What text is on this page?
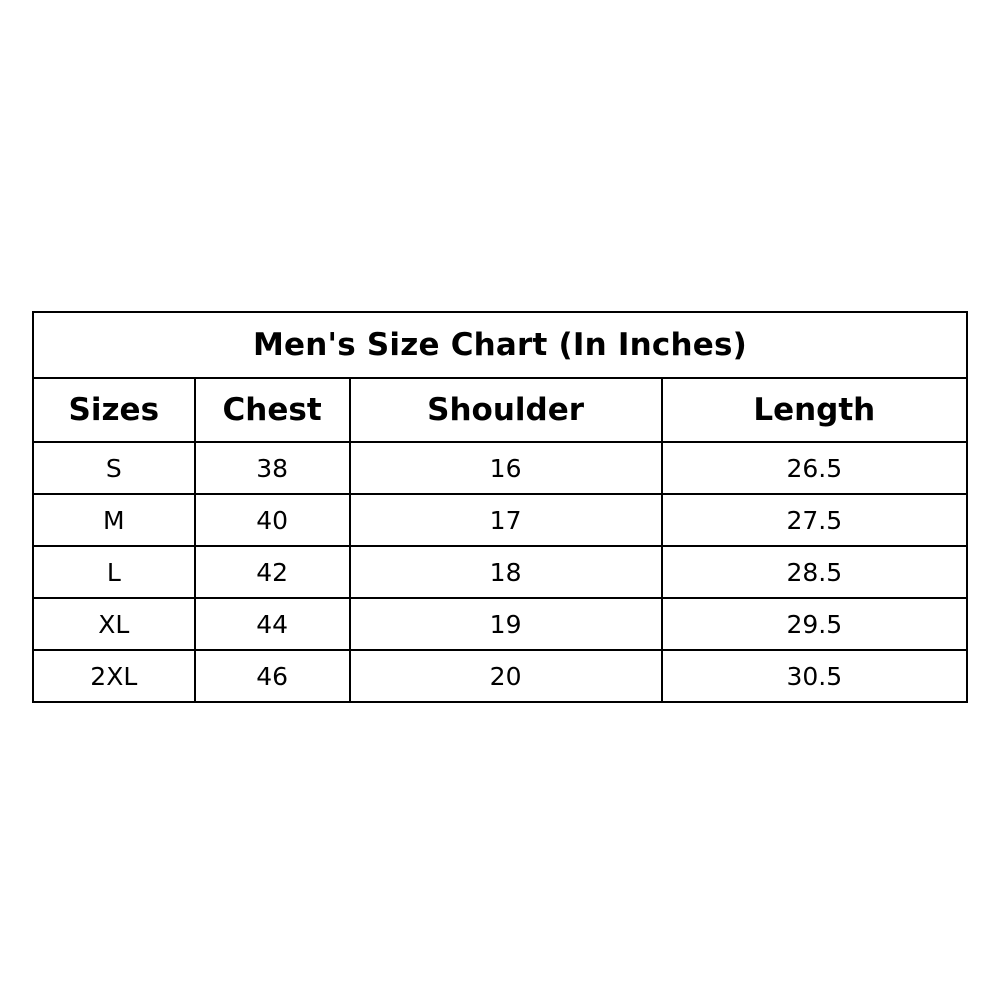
Men's Size Chart (In Inches)			
Sizes	Chest	Shoulder	Length
S	38	16	26.5
M	40	17	27.5
L	42	18	28.5
XL	44	19	29.5
2XL	46	20	30.5
